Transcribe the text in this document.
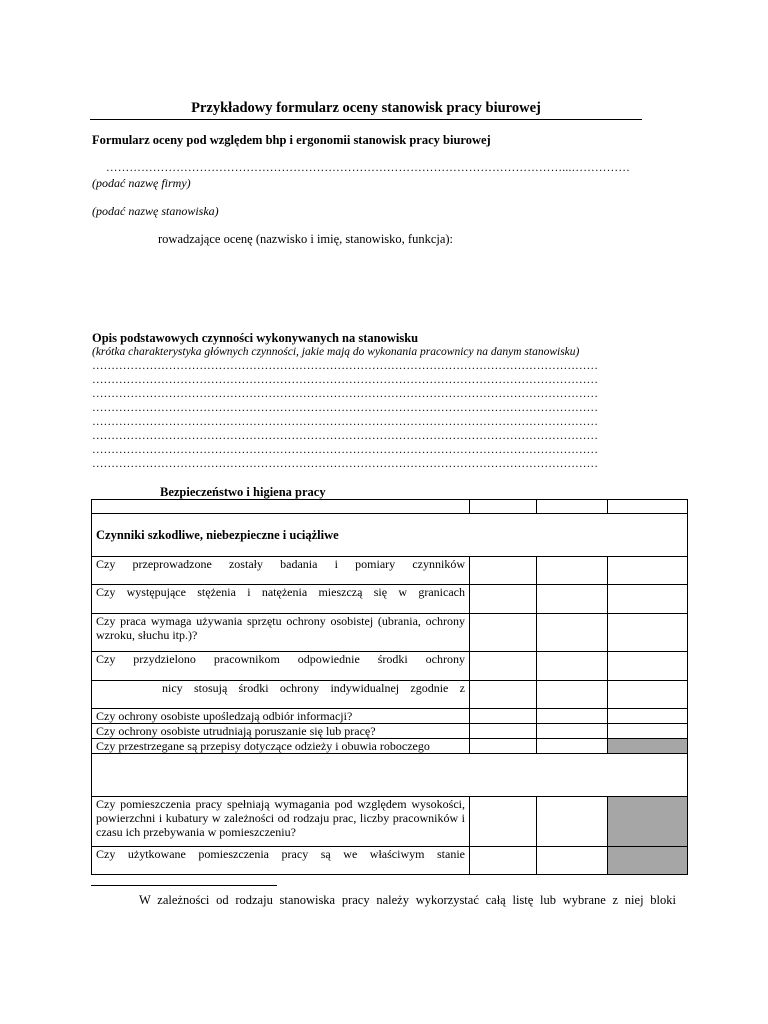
Przykładowy formularz oceny stanowisk pracy biurowej
Formularz oceny pod względem bhp i ergonomii stanowisk pracy biurowej
………………………………………………………………………………………………………...……………
(podać nazwę firmy)
(podać nazwę stanowiska)
rowadzające ocenę (nazwisko i imię, stanowisko, funkcja):
Opis podstawowych czynności wykonywanych na stanowisku
(krótka charakterystyka głównych czynności, jakie mają do wykonania pracownicy na danym stanowisku)
……………………………………………………………………………………………………………………
……………………………………………………………………………………………………………………
……………………………………………………………………………………………………………………
……………………………………………………………………………………………………………………
……………………………………………………………………………………………………………………
……………………………………………………………………………………………………………………
……………………………………………………………………………………………………………………
……………………………………………………………………………………………………………………
Bezpieczeństwo i higiena pracy

Czynniki szkodliwe, niebezpieczne i uciążliwe			
Czy przeprowadzone zostały badania i pomiary czynników			
Czy występujące stężenia i natężenia mieszczą się w granicach			
Czy praca wymaga używania sprzętu ochrony osobistej (ubrania, ochrony wzroku, słuchu itp.)?			
Czy przydzielono pracownikom odpowiednie środki ochrony			
nicy stosują środki ochrony indywidualnej zgodnie z			
Czy ochrony osobiste upośledzają odbiór informacji?			
Czy ochrony osobiste utrudniają poruszanie się lub pracę?			
Czy przestrzegane są przepisy dotyczące odzieży i obuwia roboczego			

Czy pomieszczenia pracy spełniają wymagania pod względem wysokości, powierzchni i kubatury w zależności od rodzaju prac, liczby pracowników i czasu ich przebywania w pomieszczeniu?			
Czy użytkowane pomieszczenia pracy są we właściwym stanie			
W zależności od rodzaju stanowiska pracy należy wykorzystać całą listę lub wybrane z niej bloki
